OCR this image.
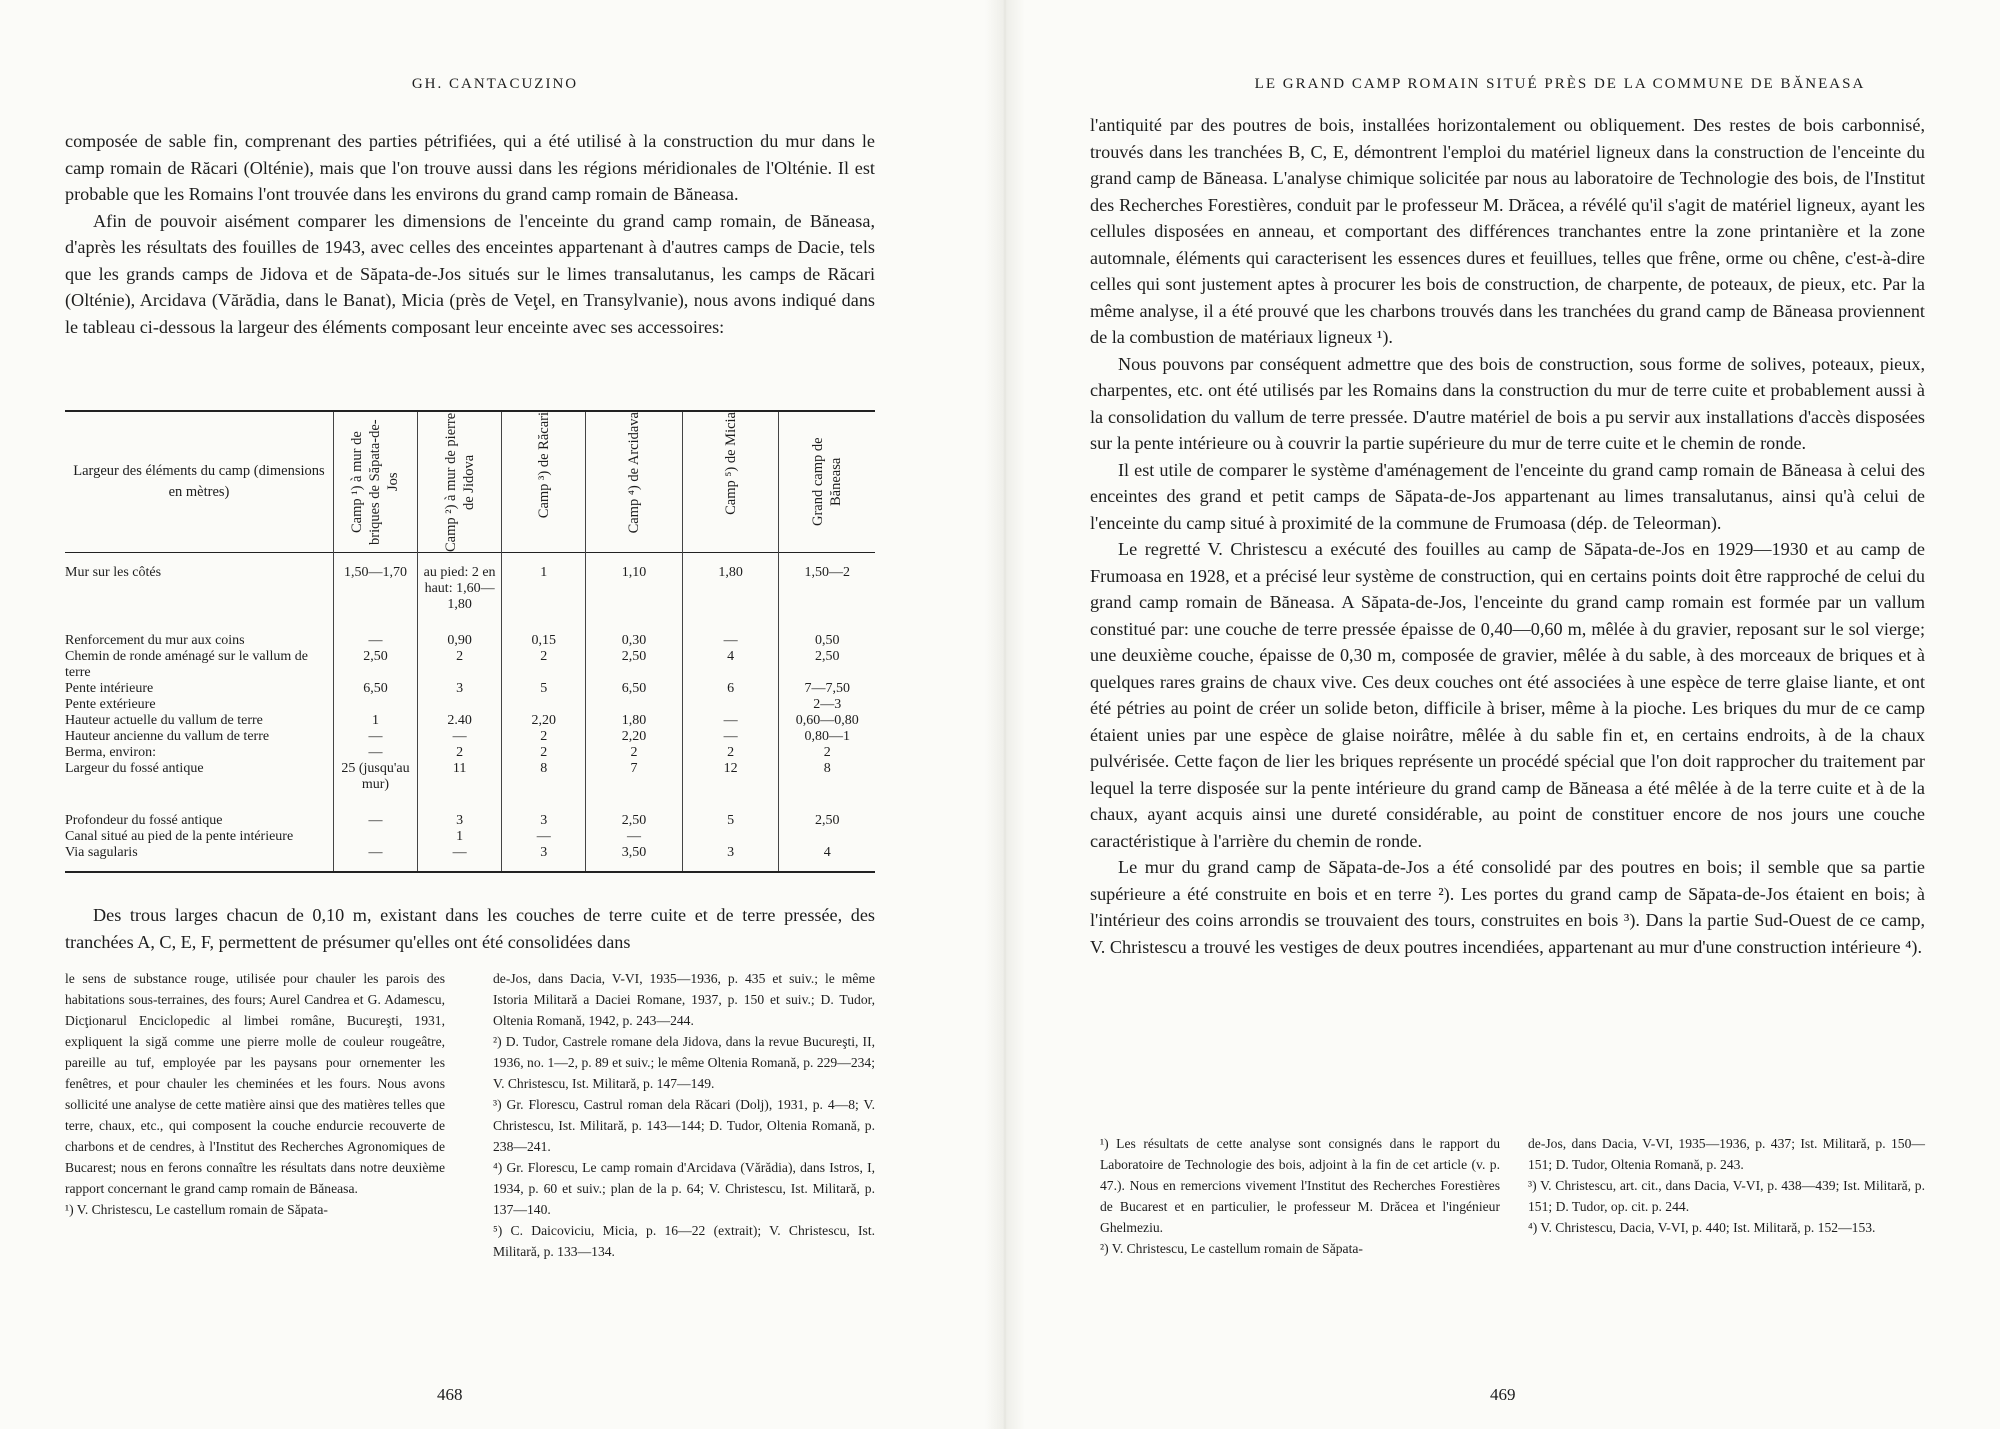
GH. CANTACUZINO

composée de sable fin, comprenant des parties pétrifiées, qui a été utilisé à la construction du mur dans le camp romain de Răcari (Olténie), mais que l'on trouve aussi dans les régions méridionales de l'Olténie. Il est probable que les Romains l'ont trouvée dans les environs du grand camp romain de Băneasa.

Afin de pouvoir aisément comparer les dimensions de l'enceinte du grand camp romain, de Băneasa, d'après les résultats des fouilles de 1943, avec celles des enceintes appartenant à d'autres camps de Dacie, tels que les grands camps de Jidova et de Săpata-de-Jos situés sur le limes transalutanus, les camps de Răcari (Olténie), Arcidava (Vărădia, dans le Banat), Micia (près de Veţel, en Transylvanie), nous avons indiqué dans le tableau ci-dessous la largeur des éléments composant leur enceinte avec ses accessoires:

Largeur des éléments du camp (dimensions en mètres)	Camp ¹) à mur de briques de Săpata-de-Jos	Camp ²) à mur de pierre de Jidova	Camp ³) de Răcari	Camp ⁴) de Arcidava	Camp ⁵) de Micia	Grand camp de Băneasa

Mur sur les côtés	1,50—1,70	au pied: 2 en haut: 1,60—1,80	1	1,10	1,80	1,50—2
Renforcement du mur aux coins	—	0,90	0,15	0,30	—	0,50
Chemin de ronde aménagé sur le vallum de terre	2,50	2	2	2,50	4	2,50
Pente intérieure	6,50	3	5	6,50	6	7—7,50
Pente extérieure						2—3
Hauteur actuelle du vallum de terre	1	2.40	2,20	1,80	—	0,60—0,80
Hauteur ancienne du vallum de terre	—	—	2	2,20	—	0,80—1
Berma, environ:	—	2	2	2	2	2
Largeur du fossé antique	25 (jusqu'au mur)	11	8	7	12	8
Profondeur du fossé antique	—	3	3	2,50	5	2,50
Canal situé au pied de la pente intérieure		1	—	—		
Via sagularis	—	—	3	3,50	3	4

Des trous larges chacun de 0,10 m, existant dans les couches de terre cuite et de terre pressée, des tranchées A, C, E, F, permettent de présumer qu'elles ont été consolidées dans

le sens de substance rouge, utilisée pour chauler les parois des habitations sous-terraines, des fours; Aurel Candrea et G. Adamescu, Dicţionarul Enciclopedic al limbei române, Bucureşti, 1931, expliquent la sigă comme une pierre molle de couleur rougeâtre, pareille au tuf, employée par les paysans pour ornementer les fenêtres, et pour chauler les cheminées et les fours. Nous avons sollicité une analyse de cette matière ainsi que des matières telles que terre, chaux, etc., qui composent la couche endurcie recouverte de charbons et de cendres, à l'Institut des Recherches Agronomiques de Bucarest; nous en ferons connaître les résultats dans notre deuxième rapport concernant le grand camp romain de Băneasa.

¹) V. Christescu, Le castellum romain de Săpata-

de-Jos, dans Dacia, V-VI, 1935—1936, p. 435 et suiv.; le même Istoria Militară a Daciei Romane, 1937, p. 150 et suiv.; D. Tudor, Oltenia Romană, 1942, p. 243—244.

²) D. Tudor, Castrele romane dela Jidova, dans la revue Bucureşti, II, 1936, no. 1—2, p. 89 et suiv.; le même Oltenia Romană, p. 229—234; V. Christescu, Ist. Militară, p. 147—149.

³) Gr. Florescu, Castrul roman dela Răcari (Dolj), 1931, p. 4—8; V. Christescu, Ist. Militară, p. 143—144; D. Tudor, Oltenia Romană, p. 238—241.

⁴) Gr. Florescu, Le camp romain d'Arcidava (Vărădia), dans Istros, I, 1934, p. 60 et suiv.; plan de la p. 64; V. Christescu, Ist. Militară, p. 137—140.

⁵) C. Daicoviciu, Micia, p. 16—22 (extrait); V. Christescu, Ist. Militară, p. 133—134.

468
LE GRAND CAMP ROMAIN SITUÉ PRÈS DE LA COMMUNE DE BĂNEASA

l'antiquité par des poutres de bois, installées horizontalement ou obliquement. Des restes de bois carbonnisé, trouvés dans les tranchées B, C, E, démontrent l'emploi du matériel ligneux dans la construction de l'enceinte du grand camp de Băneasa. L'analyse chimique solicitée par nous au laboratoire de Technologie des bois, de l'Institut des Recherches Forestières, conduit par le professeur M. Drăcea, a révélé qu'il s'agit de matériel ligneux, ayant les cellules disposées en anneau, et comportant des différences tranchantes entre la zone printanière et la zone automnale, éléments qui caracterisent les essences dures et feuillues, telles que frêne, orme ou chêne, c'est-à-dire celles qui sont justement aptes à procurer les bois de construction, de charpente, de poteaux, de pieux, etc. Par la même analyse, il a été prouvé que les charbons trouvés dans les tranchées du grand camp de Băneasa proviennent de la combustion de matériaux ligneux ¹).

Nous pouvons par conséquent admettre que des bois de construction, sous forme de solives, poteaux, pieux, charpentes, etc. ont été utilisés par les Romains dans la construction du mur de terre cuite et probablement aussi à la consolidation du vallum de terre pressée. D'autre matériel de bois a pu servir aux installations d'accès disposées sur la pente intérieure ou à couvrir la partie supérieure du mur de terre cuite et le chemin de ronde.

Il est utile de comparer le système d'aménagement de l'enceinte du grand camp romain de Băneasa à celui des enceintes des grand et petit camps de Săpata-de-Jos appartenant au limes transalutanus, ainsi qu'à celui de l'enceinte du camp situé à proximité de la commune de Frumoasa (dép. de Teleorman).

Le regretté V. Christescu a exécuté des fouilles au camp de Săpata-de-Jos en 1929—1930 et au camp de Frumoasa en 1928, et a précisé leur système de construction, qui en certains points doit être rapproché de celui du grand camp romain de Băneasa. A Săpata-de-Jos, l'enceinte du grand camp romain est formée par un vallum constitué par: une couche de terre pressée épaisse de 0,40—0,60 m, mêlée à du gravier, reposant sur le sol vierge; une deuxième couche, épaisse de 0,30 m, composée de gravier, mêlée à du sable, à des morceaux de briques et à quelques rares grains de chaux vive. Ces deux couches ont été associées à une espèce de terre glaise liante, et ont été pétries au point de créer un solide beton, difficile à briser, même à la pioche. Les briques du mur de ce camp étaient unies par une espèce de glaise noirâtre, mêlée à du sable fin et, en certains endroits, à de la chaux pulvérisée. Cette façon de lier les briques représente un procédé spécial que l'on doit rapprocher du traitement par lequel la terre disposée sur la pente intérieure du grand camp de Băneasa a été mêlée à de la terre cuite et à de la chaux, ayant acquis ainsi une dureté considérable, au point de constituer encore de nos jours une couche caractéristique à l'arrière du chemin de ronde.

Le mur du grand camp de Săpata-de-Jos a été consolidé par des poutres en bois; il semble que sa partie supérieure a été construite en bois et en terre ²). Les portes du grand camp de Săpata-de-Jos étaient en bois; à l'intérieur des coins arrondis se trouvaient des tours, construites en bois ³). Dans la partie Sud-Ouest de ce camp, V. Christescu a trouvé les vestiges de deux poutres incendiées, appartenant au mur d'une construction intérieure ⁴).

¹) Les résultats de cette analyse sont consignés dans le rapport du Laboratoire de Technologie des bois, adjoint à la fin de cet article (v. p. 47.). Nous en remercions vivement l'Institut des Recherches Forestières de Bucarest et en particulier, le professeur M. Drăcea et l'ingénieur Ghelmeziu.

²) V. Christescu, Le castellum romain de Săpata-

de-Jos, dans Dacia, V-VI, 1935—1936, p. 437; Ist. Militară, p. 150—151; D. Tudor, Oltenia Romană, p. 243.

³) V. Christescu, art. cit., dans Dacia, V-VI, p. 438—439; Ist. Militară, p. 151; D. Tudor, op. cit. p. 244.

⁴) V. Christescu, Dacia, V-VI, p. 440; Ist. Militară, p. 152—153.

469
